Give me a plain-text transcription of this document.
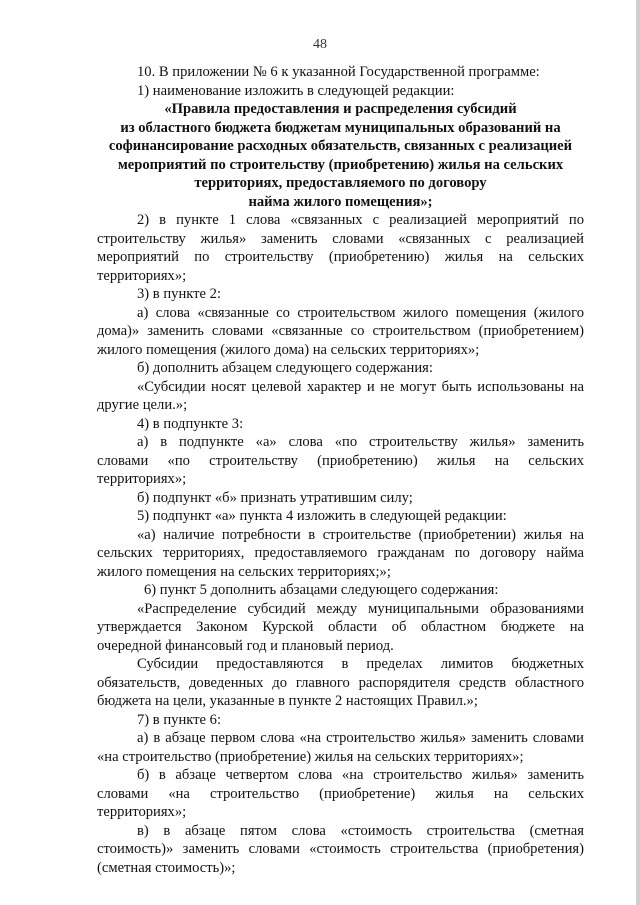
48
10. В приложении № 6 к указанной Государственной программе:
1) наименование изложить в следующей редакции:
«Правила предоставления и распределения субсидий
из областного бюджета бюджетам муниципальных образований на
софинансирование расходных обязательств, связанных с реализацией
мероприятий по строительству (приобретению) жилья на сельских
территориях, предоставляемого по договору
найма жилого помещения»;
2) в пункте 1 слова «связанных с реализацией мероприятий по
строительству жилья» заменить словами «связанных с реализацией
мероприятий по строительству (приобретению) жилья на сельских
территориях»;
3) в пункте 2:
а) слова «связанные со строительством жилого помещения (жилого
дома)» заменить словами «связанные со строительством (приобретением)
жилого помещения (жилого дома) на сельских территориях»;
б) дополнить абзацем следующего содержания:
«Субсидии носят целевой характер и не могут быть использованы на
другие цели.»;
4) в подпункте 3:
а) в подпункте «а» слова «по строительству жилья» заменить
словами «по строительству (приобретению) жилья на сельских
территориях»;
б) подпункт «б» признать утратившим силу;
5) подпункт «а» пункта 4 изложить в следующей редакции:
«а) наличие потребности в строительстве (приобретении) жилья на
сельских территориях, предоставляемого гражданам по договору найма
жилого помещения на сельских территориях;»;
6) пункт 5 дополнить абзацами следующего содержания:
«Распределение субсидий между муниципальными образованиями
утверждается Законом Курской области об областном бюджете на
очередной финансовый год и плановый период.
Субсидии предоставляются в пределах лимитов бюджетных
обязательств, доведенных до главного распорядителя средств областного
бюджета на цели, указанные в пункте 2 настоящих Правил.»;
7) в пункте 6:
а) в абзаце первом слова «на строительство жилья» заменить словами
«на строительство (приобретение) жилья на сельских территориях»;
б) в абзаце четвертом слова «на строительство жилья» заменить
словами «на строительство (приобретение) жилья на сельских
территориях»;
в) в абзаце пятом слова «стоимость строительства (сметная
стоимость)» заменить словами «стоимость строительства (приобретения)
(сметная стоимость)»;
